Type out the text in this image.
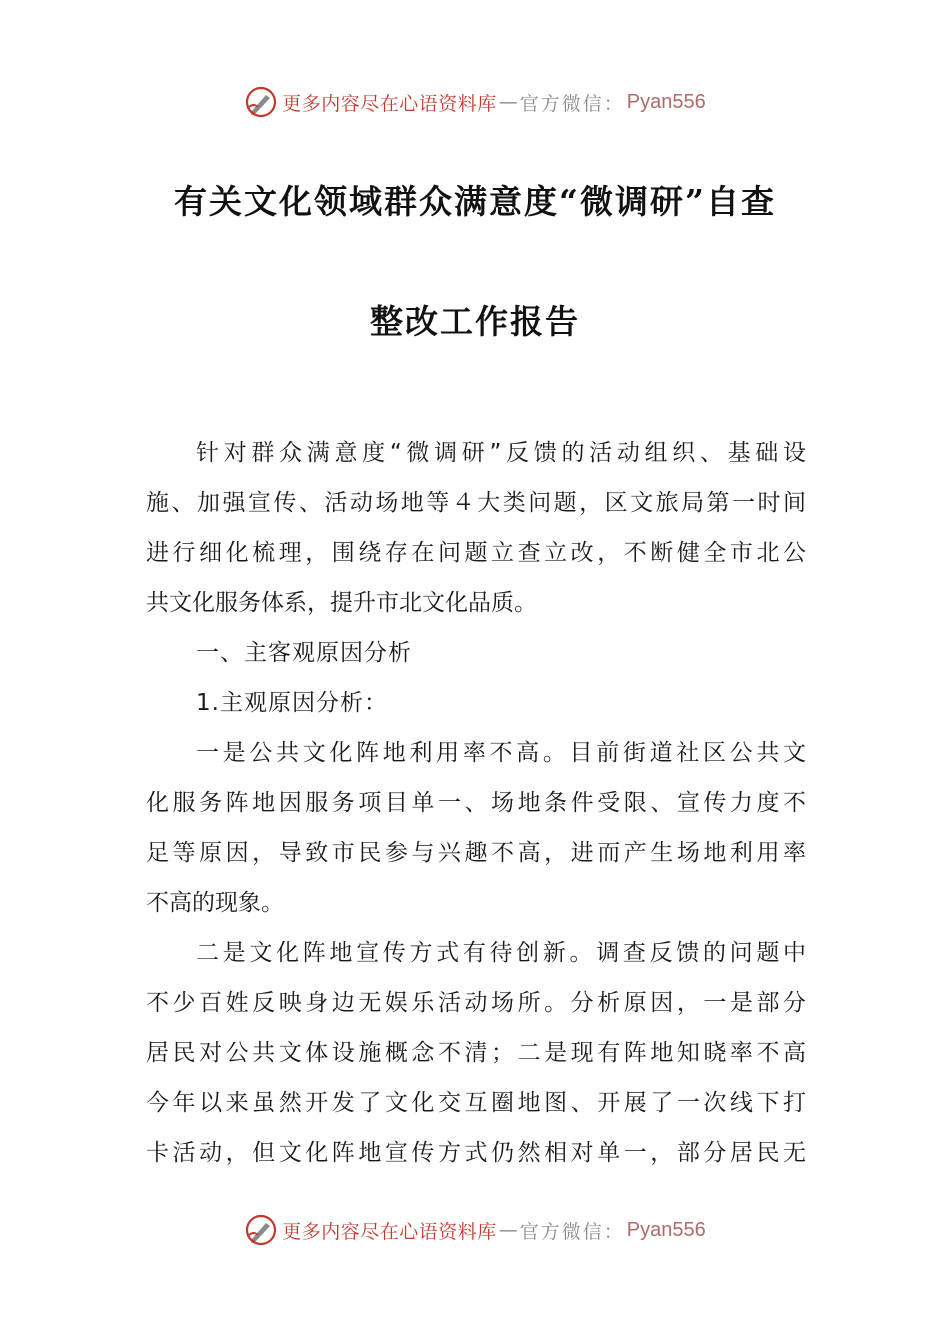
更多内容尽在心语资料库 — 官方微信： Pyan556
有关文化领域群众满意度“微调研”自查
整改工作报告
针对群众满意度“微调研”反馈的活动组织、基础设
施、加强宣传、活动场地等４大类问题，区文旅局第一时间
进行细化梳理，围绕存在问题立查立改，不断健全市北公
共文化服务体系，提升市北文化品质。
一、主客观原因分析
1.主观原因分析：
一是公共文化阵地利用率不高。目前街道社区公共文
化服务阵地因服务项目单一、场地条件受限、宣传力度不
足等原因，导致市民参与兴趣不高，进而产生场地利用率
不高的现象。
二是文化阵地宣传方式有待创新。调查反馈的问题中
不少百姓反映身边无娱乐活动场所。分析原因，一是部分
居民对公共文体设施概念不清；二是现有阵地知晓率不高
今年以来虽然开发了文化交互圈地图、开展了一次线下打
卡活动，但文化阵地宣传方式仍然相对单一，部分居民无
更多内容尽在心语资料库 — 官方微信： Pyan556
